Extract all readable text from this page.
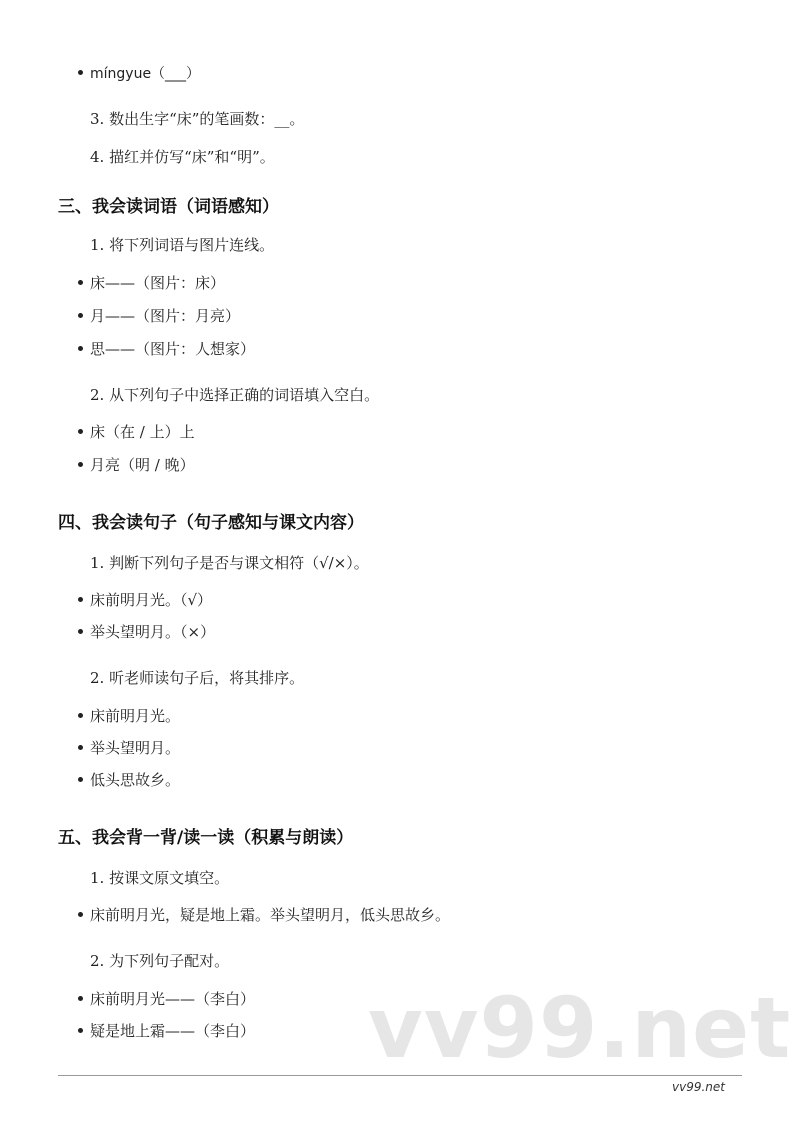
míngyue（___）
3. 数出生字“床”的笔画数：__。
4. 描红并仿写“床”和“明”。
三、我会读词语（词语感知）
1. 将下列词语与图片连线。
床——（图片：床）
月——（图片：月亮）
思——（图片：人想家）
2. 从下列句子中选择正确的词语填入空白。
床（在 / 上）上
月亮（明 / 晚）
四、我会读句子（句子感知与课文内容）
1. 判断下列句子是否与课文相符（√/×）。
床前明月光。（√）
举头望明月。（×）
2. 听老师读句子后，将其排序。
床前明月光。
举头望明月。
低头思故乡。
五、我会背一背/读一读（积累与朗读）
1. 按课文原文填空。
床前明月光，疑是地上霜。举头望明月，低头思故乡。
2. 为下列句子配对。
床前明月光——（李白）
疑是地上霜——（李白） vv99.net
vv99.net
